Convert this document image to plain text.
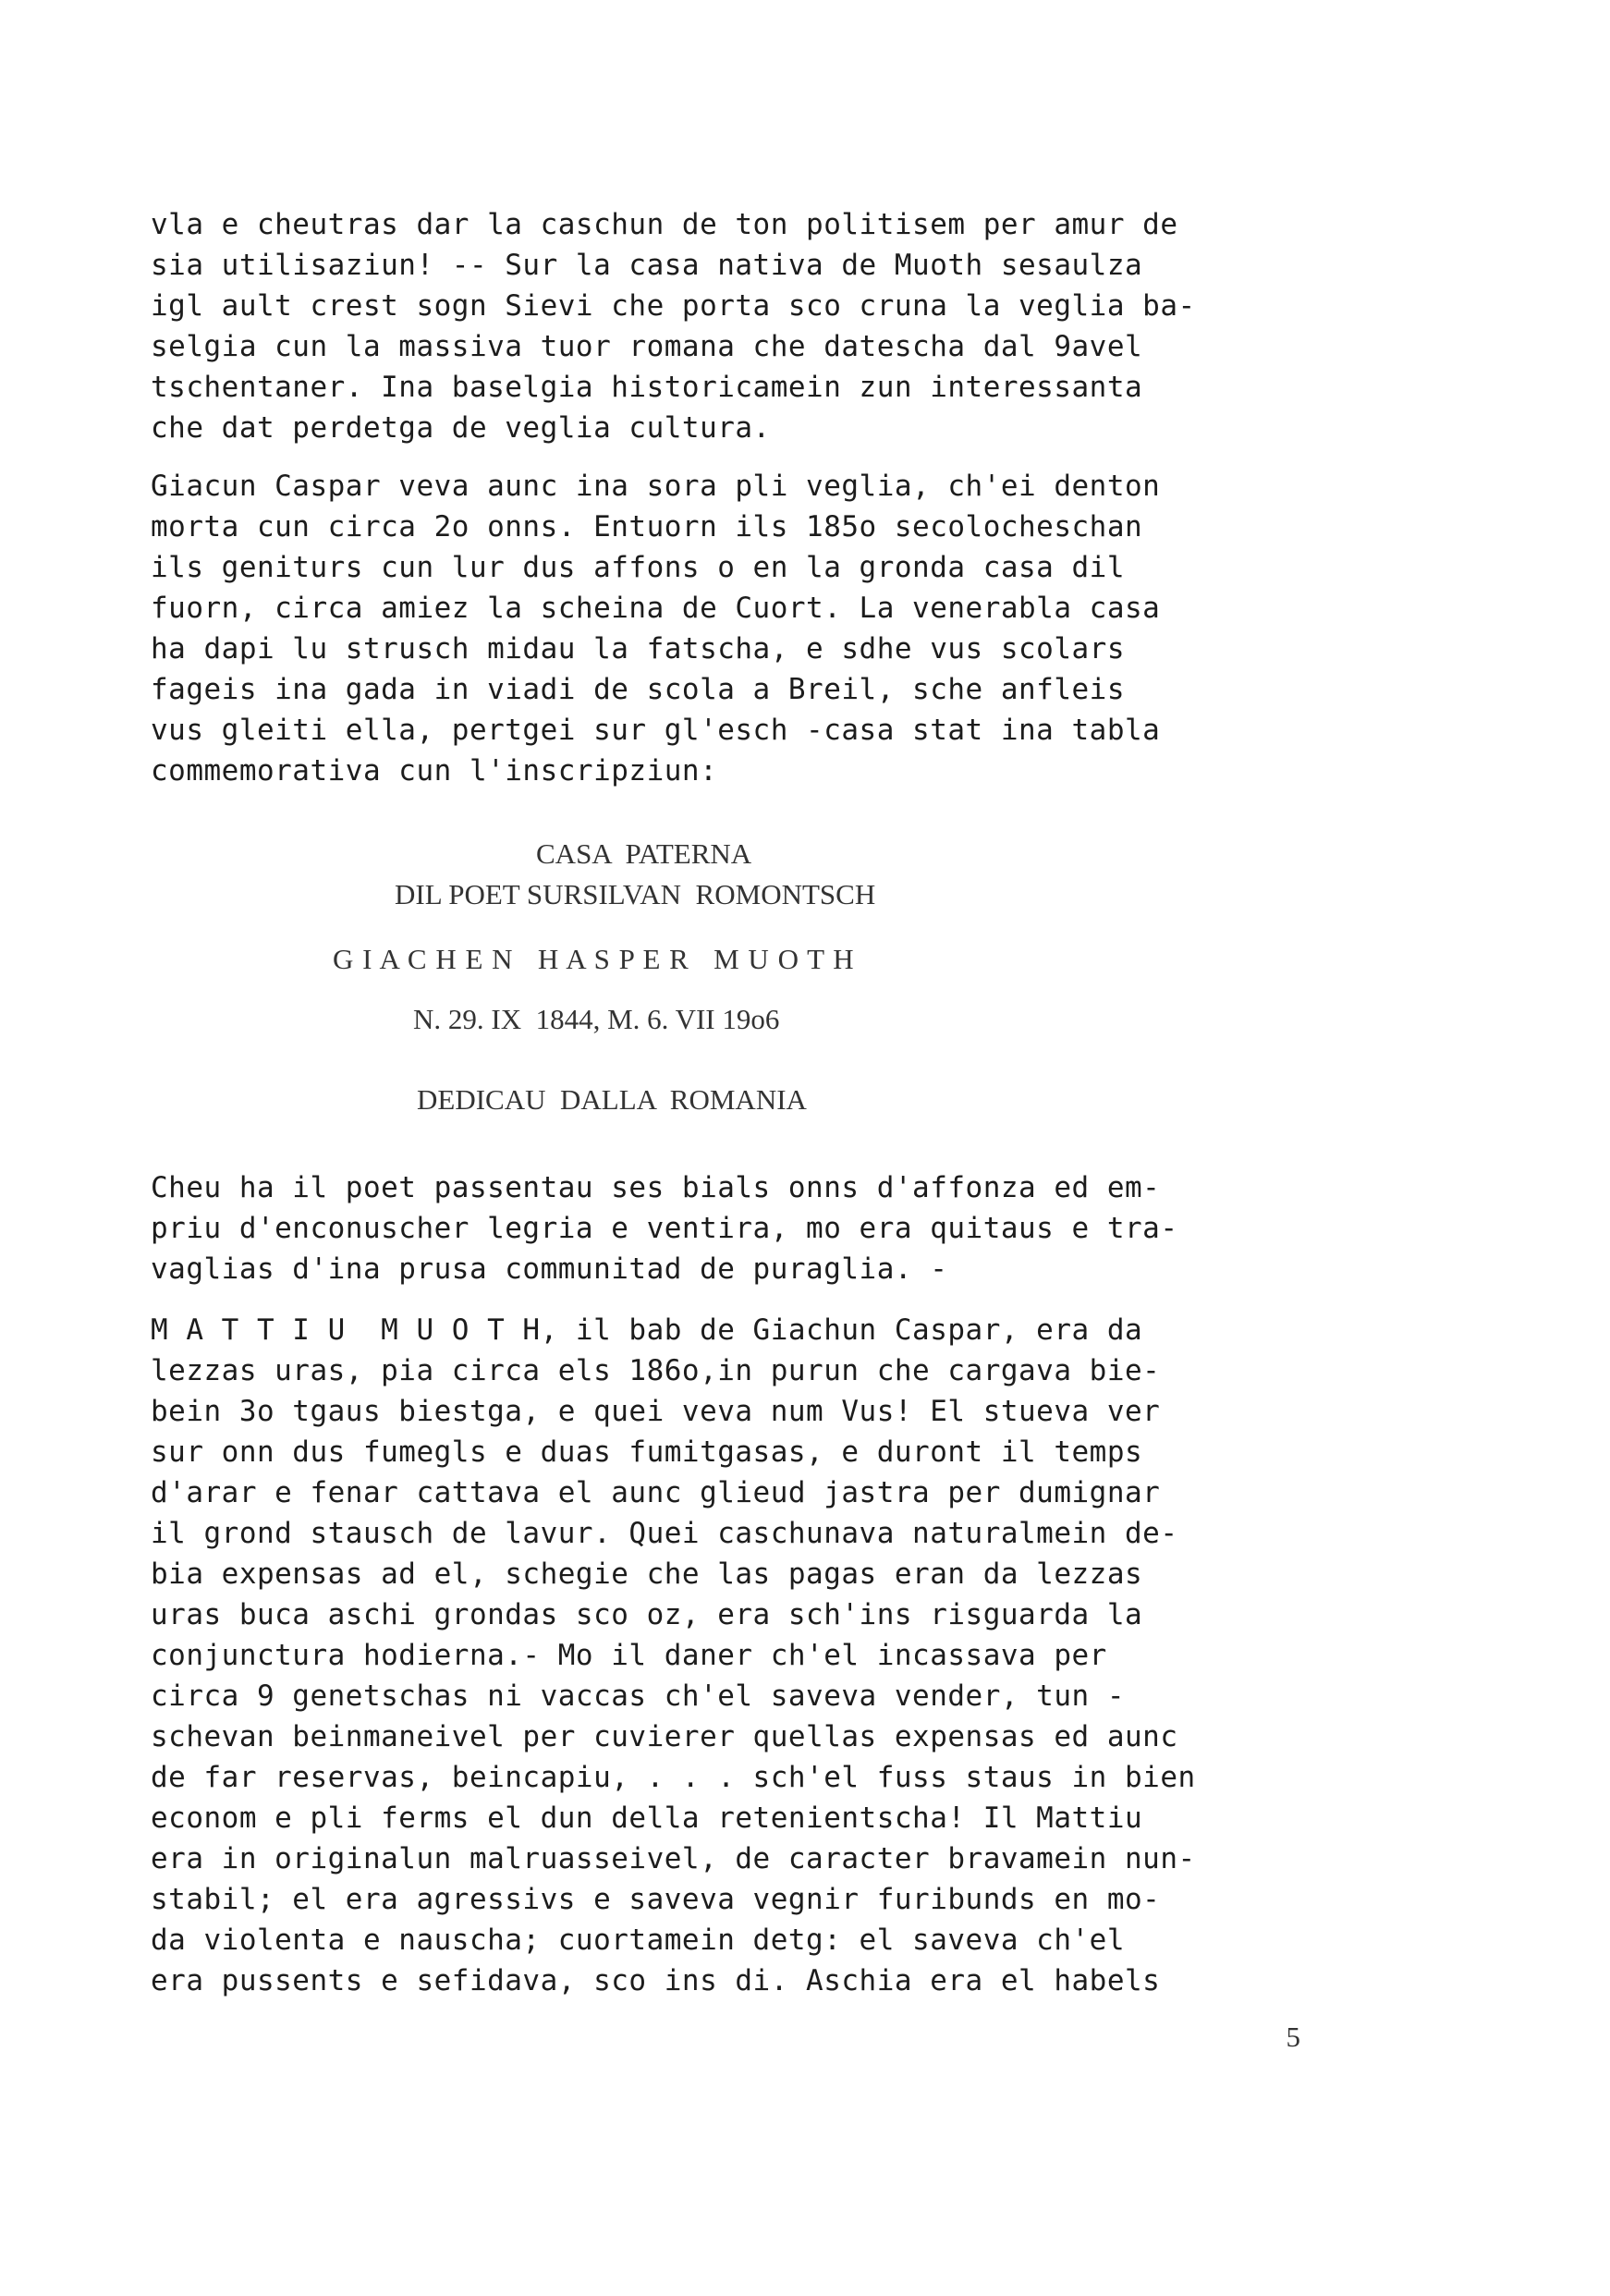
vla e cheutras dar la caschun de ton politisem per amur de
sia utilisaziun! -- Sur la casa nativa de Muoth sesaulza
igl ault crest sogn Sievi che porta sco cruna la veglia ba-
selgia cun la massiva tuor romana che datescha dal 9avel
tschentaner. Ina baselgia historicamein zun interessanta
che dat perdetga de veglia cultura.
Giacun Caspar veva aunc ina sora pli veglia, ch'ei denton
morta cun circa 2o onns. Entuorn ils 185o secolocheschan
ils geniturs cun lur dus affons o en la gronda casa dil
fuorn, circa amiez la scheina de Cuort. La venerabla casa
ha dapi lu strusch midau la fatscha, e sdhe vus scolars
fageis ina gada in viadi de scola a Breil, sche anfleis
vus gleiti ella, pertgei sur gl'esch -casa stat ina tabla
commemorativa cun l'inscripziun:
CASA  PATERNA
DIL POET SURSILVAN  ROMONTSCH
G I A C H E N   H A S P E R   M U O T H
N. 29. IX  1844, M. 6. VII 19o6
DEDICAU  DALLA  ROMANIA
Cheu ha il poet passentau ses bials onns d'affonza ed em-
priu d'enconuscher legria e ventira, mo era quitaus e tra-
vaglias d'ina prusa communitad de puraglia. -
M A T T I U  M U O T H, il bab de Giachun Caspar, era da
lezzas uras, pia circa els 186o,in purun che cargava bie-
bein 3o tgaus biestga, e quei veva num Vus! El stueva ver
sur onn dus fumegls e duas fumitgasas, e duront il temps
d'arar e fenar cattava el aunc glieud jastra per dumignar
il grond stausch de lavur. Quei caschunava naturalmein de-
bia expensas ad el, schegie che las pagas eran da lezzas
uras buca aschi grondas sco oz, era sch'ins risguarda la
conjunctura hodierna.- Mo il daner ch'el incassava per
circa 9 genetschas ni vaccas ch'el saveva vender, tun -
schevan beinmaneivel per cuvierer quellas expensas ed aunc
de far reservas, beincapiu, . . . sch'el fuss staus in bien
econom e pli ferms el dun della retenientscha! Il Mattiu
era in originalun malruasseivel, de caracter bravamein nun-
stabil; el era agressivs e saveva vegnir furibunds en mo-
da violenta e nauscha; cuortamein detg: el saveva ch'el
era pussents e sefidava, sco ins di. Aschia era el habels
5
